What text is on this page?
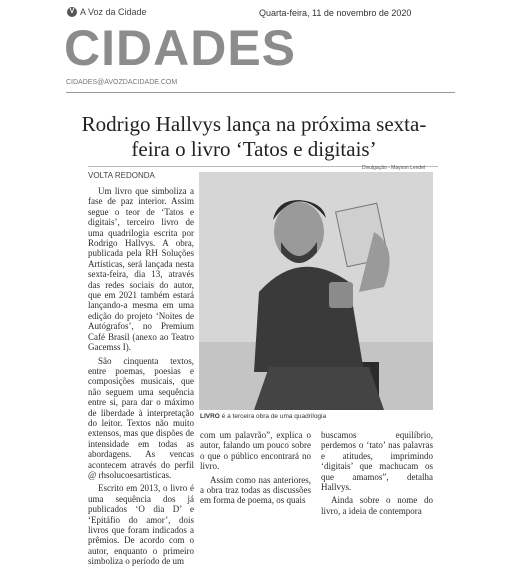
V A Voz da Cidade	Quarta-feira, 11 de novembro de 2020
CIDADES
CIDADES@AVOZDACIDADE.COM
Rodrigo Hallvys lança na próxima sexta-feira o livro ‘Tatos e digitais’
VOLTA REDONDA
Divulgação - Mayson Lendel
LIVRO é a terceira obra de uma quadrilogia

Um livro que simboliza a fase de paz interior. Assim segue o teor de ‘Tatos e digitais’, terceiro livro de uma quadrilogia escrita por Rodrigo Hallvys. A obra, publicada pela RH Soluções Artísticas, será lançada nesta sexta-feira, dia 13, através das redes sociais do autor, que em 2021 também estará lançando-a mesma em uma edição do projeto ‘Noites de Autógrafos’, no Premium Café Brasil (anexo ao Teatro Gacemss I).

São cinquenta textos, entre poemas, poesias e composições musicais, que não seguem uma sequência entre si, para dar o máximo de liberdade à interpretação do leitor. Textos não muito extensos, mas que dispões de intensidade em todas as abordagens. As vencas acontecem através do perfil @ rhsolucoesartisticas.

Escrito em 2013, o livro é uma sequência dos já publicados ‘O dia D’ e ‘Epitáfio do amor’, dois livros que foram indicados a prêmios. De acordo com o autor, enquanto o primeiro simboliza o período de um

com um palavrão”, explica o autor, falando um pouco sobre o que o público encontrará no livro.

Assim como nas anteriores, a obra traz todas as discussões em forma de poema, os quais

buscamos equilíbrio, perdemos o ‘tato’ nas palavras e atitudes, imprimindo ‘digitais’ que machucam os que amamos”, detalha Hallvys.

Ainda sobre o nome do livro, a ideia de contempora
